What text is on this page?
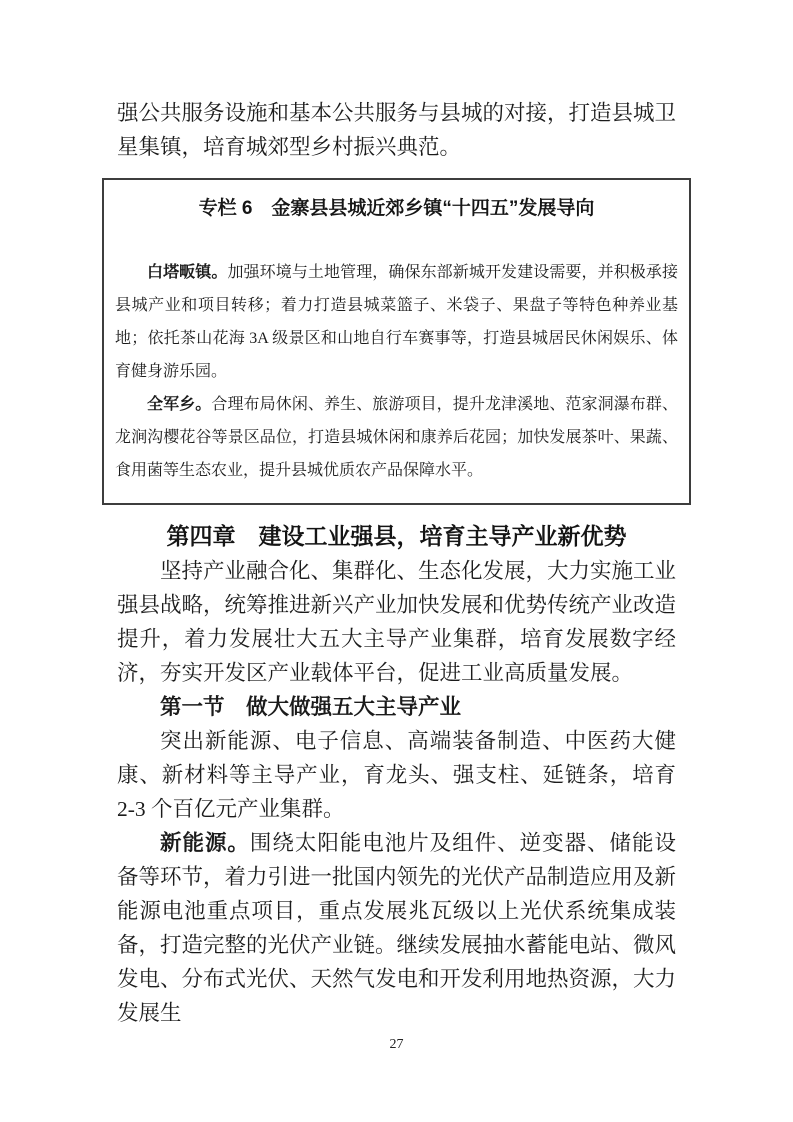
强公共服务设施和基本公共服务与县城的对接，打造县城卫星集镇，培育城郊型乡村振兴典范。

专栏 6　金寨县县城近郊乡镇“十四五”发展导向

白塔畈镇。加强环境与土地管理，确保东部新城开发建设需要，并积极承接县城产业和项目转移；着力打造县城菜篮子、米袋子、果盘子等特色种养业基地；依托茶山花海 3A 级景区和山地自行车赛事等，打造县城居民休闲娱乐、体育健身游乐园。

全军乡。合理布局休闲、养生、旅游项目，提升龙津溪地、范家洞瀑布群、龙涧沟樱花谷等景区品位，打造县城休闲和康养后花园；加快发展茶叶、果蔬、食用菌等生态农业，提升县城优质农产品保障水平。

第四章　建设工业强县，培育主导产业新优势

坚持产业融合化、集群化、生态化发展，大力实施工业强县战略，统筹推进新兴产业加快发展和优势传统产业改造提升，着力发展壮大五大主导产业集群，培育发展数字经济，夯实开发区产业载体平台，促进工业高质量发展。

第一节　做大做强五大主导产业

突出新能源、电子信息、高端装备制造、中医药大健康、新材料等主导产业，育龙头、强支柱、延链条，培育 2-3 个百亿元产业集群。

新能源。围绕太阳能电池片及组件、逆变器、储能设备等环节，着力引进一批国内领先的光伏产品制造应用及新能源电池重点项目，重点发展兆瓦级以上光伏系统集成装备，打造完整的光伏产业链。继续发展抽水蓄能电站、微风发电、分布式光伏、天然气发电和开发利用地热资源，大力发展生

27
